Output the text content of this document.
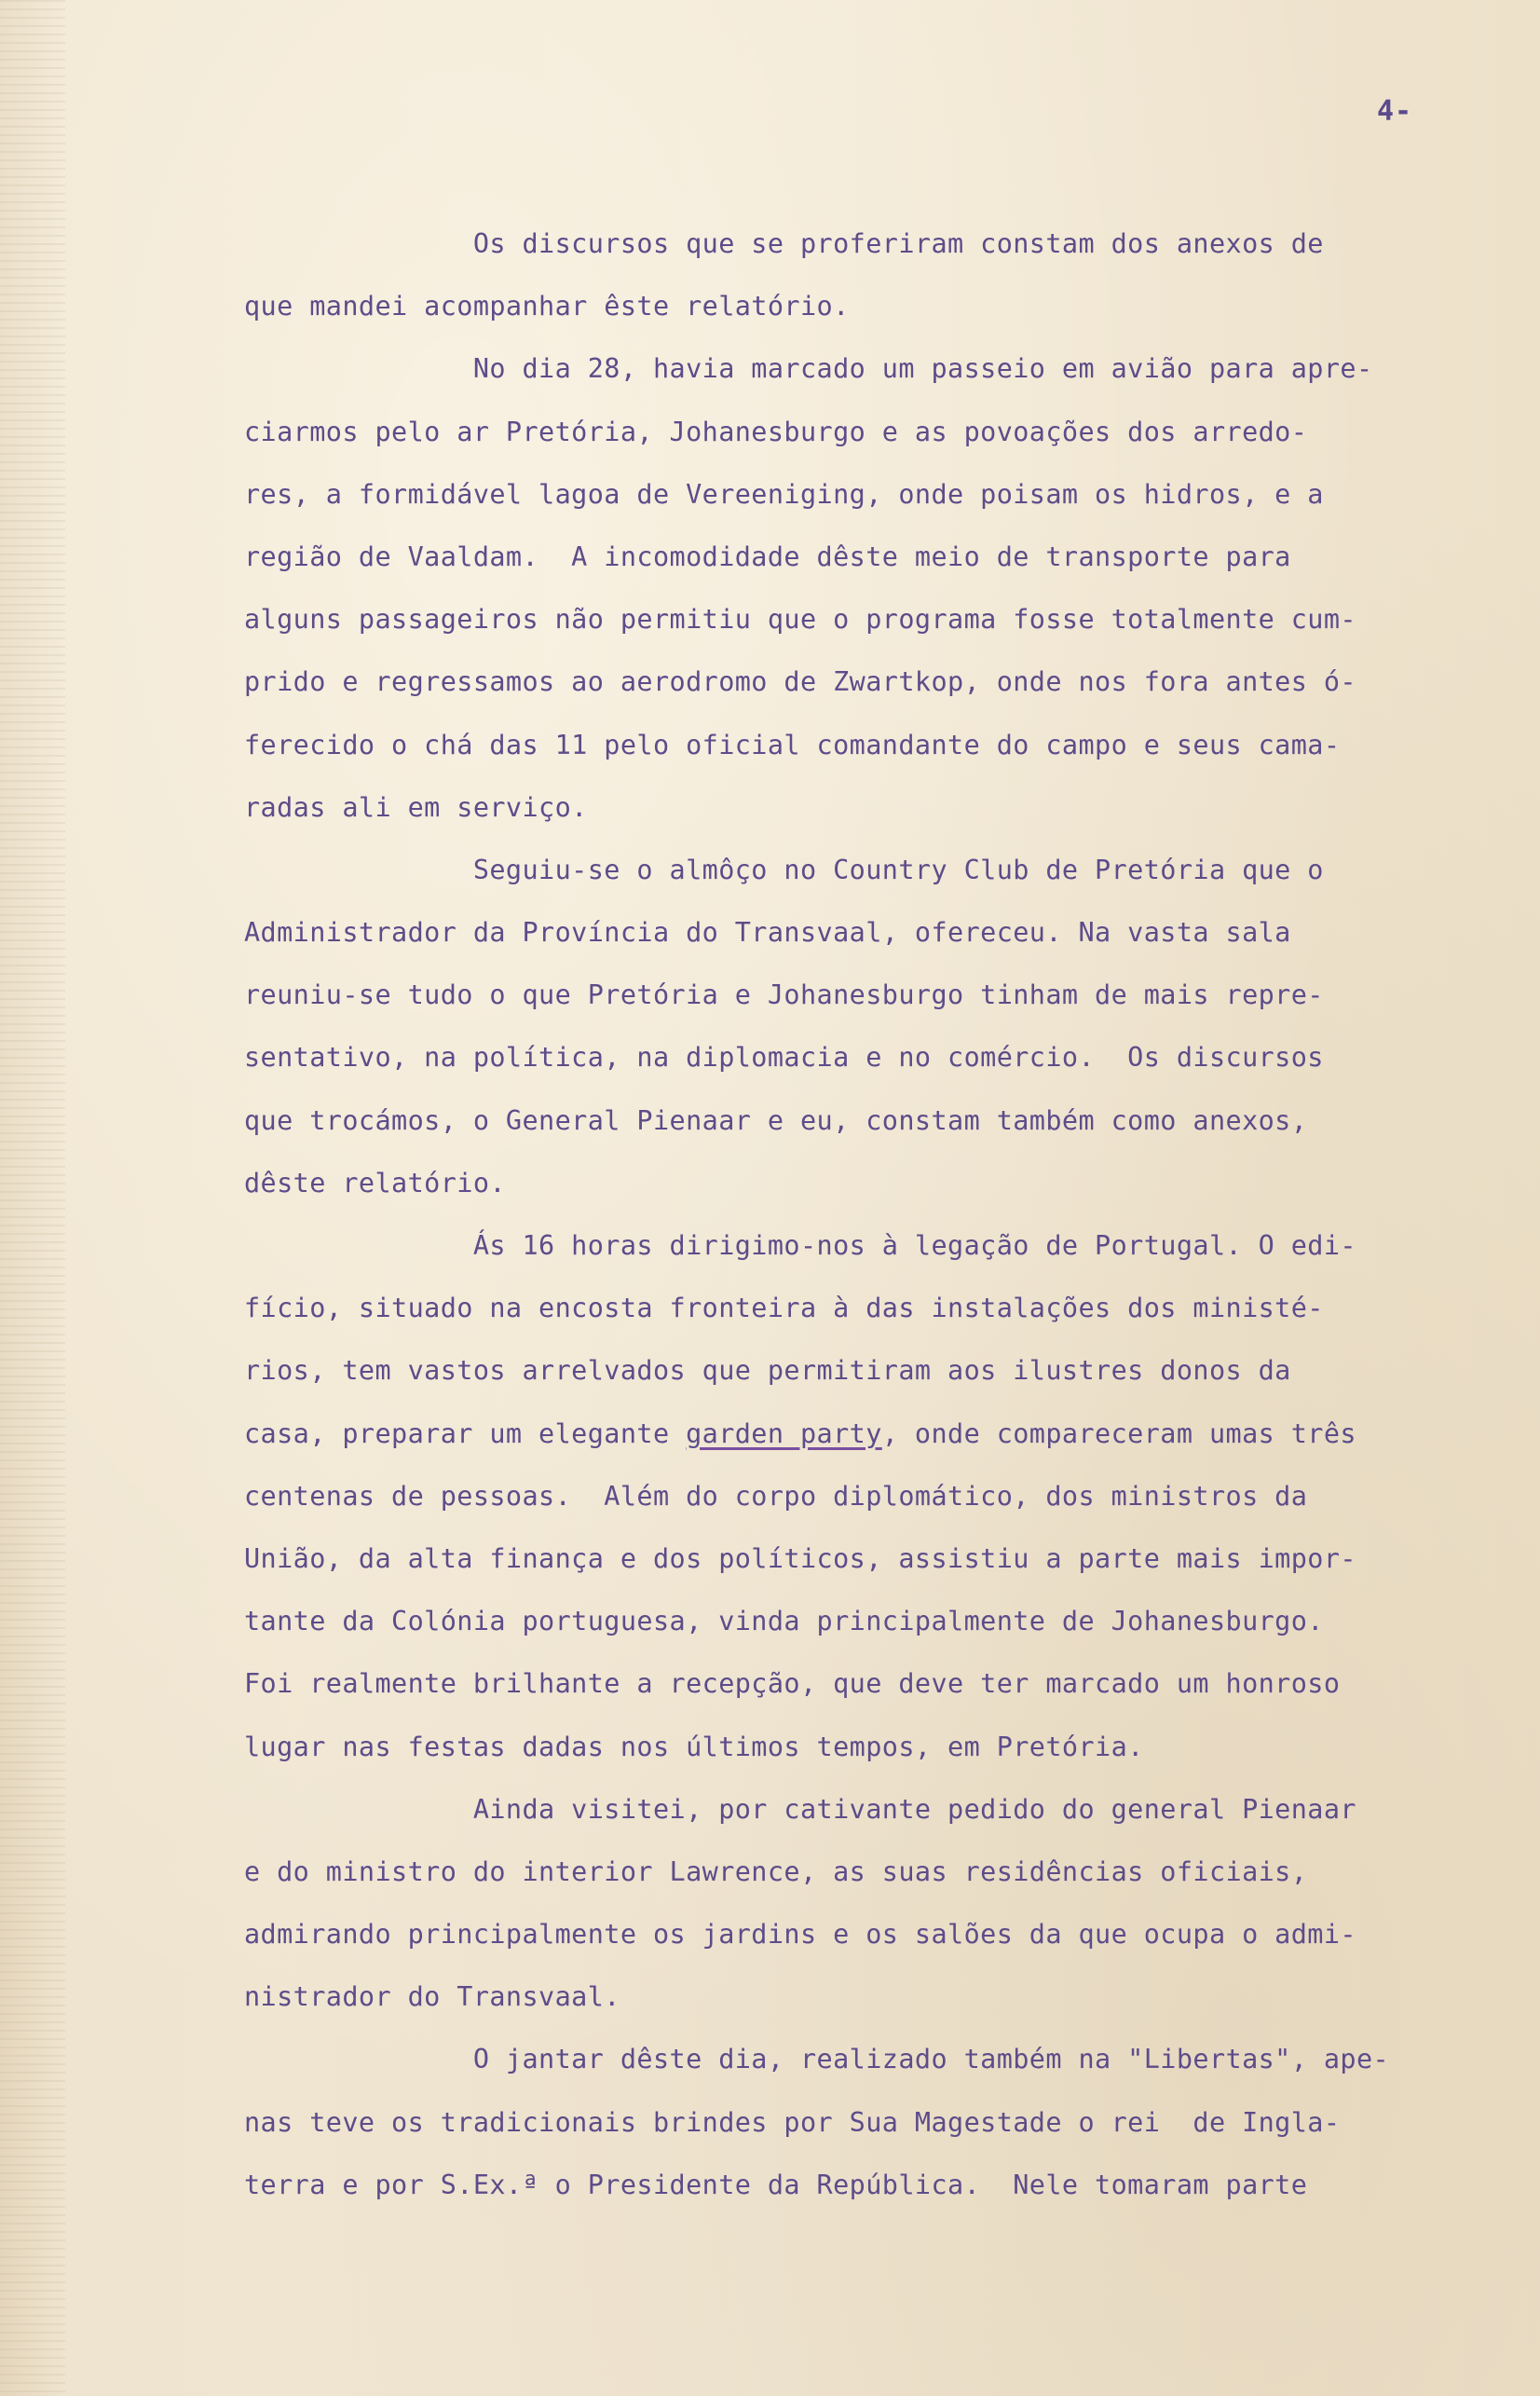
4-
Os discursos que se proferiram constam dos anexos de
que mandei acompanhar êste relatório.
No dia 28, havia marcado um passeio em avião para apre-
ciarmos pelo ar Pretória, Johanesburgo e as povoações dos arredo-
res, a formidável lagoa de Vereeniging, onde poisam os hidros, e a
região de Vaaldam.  A incomodidade dêste meio de transporte para
alguns passageiros não permitiu que o programa fosse totalmente cum-
prido e regressamos ao aerodromo de Zwartkop, onde nos fora antes ó-
ferecido o chá das 11 pelo oficial comandante do campo e seus cama-
radas ali em serviço.
Seguiu-se o almôço no Country Club de Pretória que o
Administrador da Província do Transvaal, ofereceu. Na vasta sala
reuniu-se tudo o que Pretória e Johanesburgo tinham de mais repre-
sentativo, na política, na diplomacia e no comércio.  Os discursos
que trocámos, o General Pienaar e eu, constam também como anexos,
dêste relatório.
Ás 16 horas dirigimo-nos à legação de Portugal. O edi-
fício, situado na encosta fronteira à das instalações dos ministé-
rios, tem vastos arrelvados que permitiram aos ilustres donos da
casa, preparar um elegante garden party, onde compareceram umas três
centenas de pessoas.  Além do corpo diplomático, dos ministros da
União, da alta finança e dos políticos, assistiu a parte mais impor-
tante da Colónia portuguesa, vinda principalmente de Johanesburgo.
Foi realmente brilhante a recepção, que deve ter marcado um honroso
lugar nas festas dadas nos últimos tempos, em Pretória.
Ainda visitei, por cativante pedido do general Pienaar
e do ministro do interior Lawrence, as suas residências oficiais,
admirando principalmente os jardins e os salões da que ocupa o admi-
nistrador do Transvaal.
O jantar dêste dia, realizado também na "Libertas", ape-
nas teve os tradicionais brindes por Sua Magestade o rei  de Ingla-
terra e por S.Ex.ª o Presidente da República.  Nele tomaram parte
